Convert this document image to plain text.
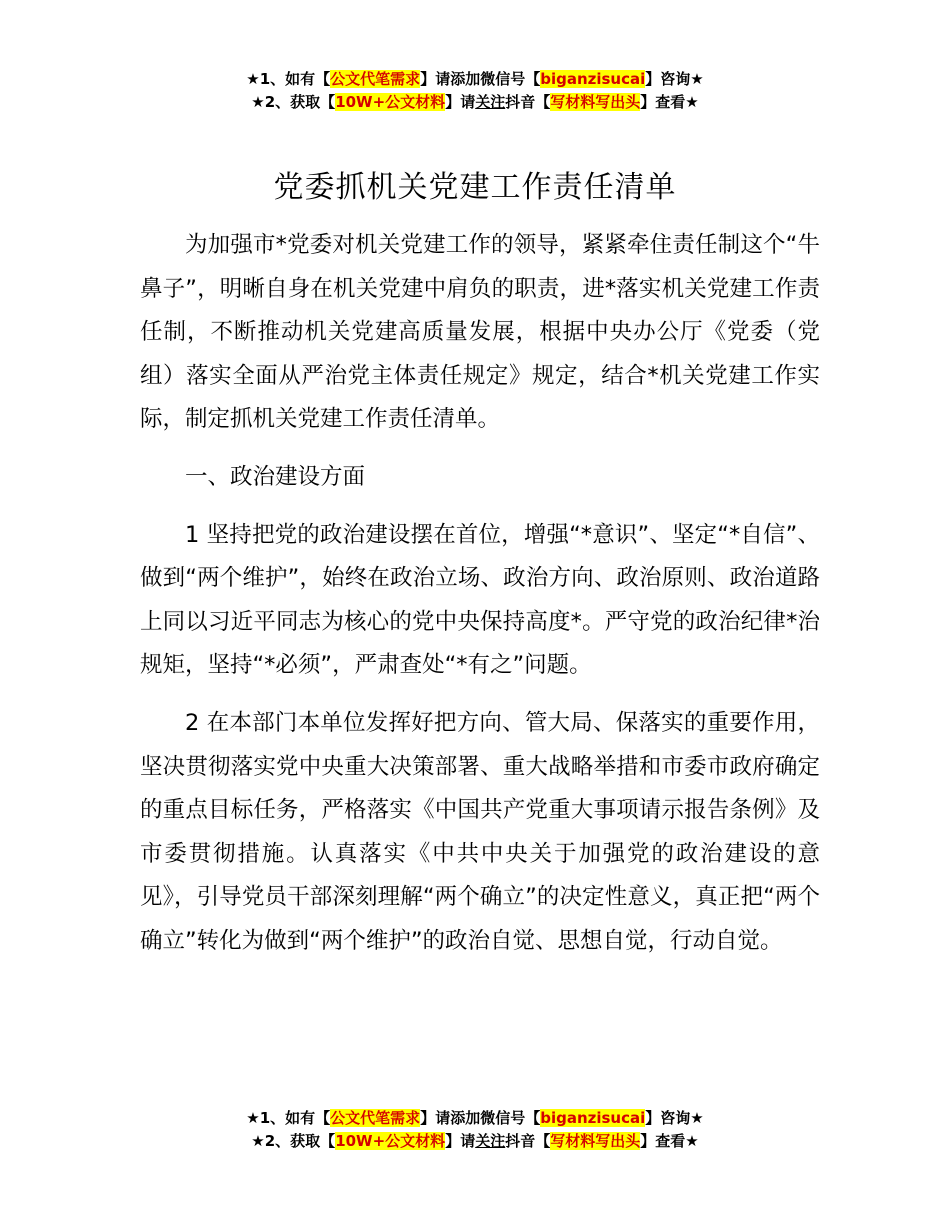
★1、如有【公文代笔需求】请添加微信号【biganzisucai】咨询★
★2、获取【10W+公文材料】请关注抖音【写材料写出头】查看★
党委抓机关党建工作责任清单

为加强市*党委对机关党建工作的领导，紧紧牵住责任制这个“牛鼻子”，明晰自身在机关党建中肩负的职责，进*落实机关党建工作责任制，不断推动机关党建高质量发展，根据中央办公厅《党委（党组）落实全面从严治党主体责任规定》规定，结合*机关党建工作实际，制定抓机关党建工作责任清单。

一、政治建设方面

1 坚持把党的政治建设摆在首位，增强“*意识”、坚定“*自信”、做到“两个维护”，始终在政治立场、政治方向、政治原则、政治道路上同以习近平同志为核心的党中央保持高度*。严守党的政治纪律*治规矩，坚持“*必须”，严肃查处“*有之”问题。

2 在本部门本单位发挥好把方向、管大局、保落实的重要作用，坚决贯彻落实党中央重大决策部署、重大战略举措和市委市政府确定的重点目标任务，严格落实《中国共产党重大事项请示报告条例》及市委贯彻措施。认真落实《中共中央关于加强党的政治建设的意见》，引导党员干部深刻理解“两个确立”的决定性意义，真正把“两个确立”转化为做到“两个维护”的政治自觉、思想自觉，行动自觉。

★1、如有【公文代笔需求】请添加微信号【biganzisucai】咨询★
★2、获取【10W+公文材料】请关注抖音【写材料写出头】查看★
